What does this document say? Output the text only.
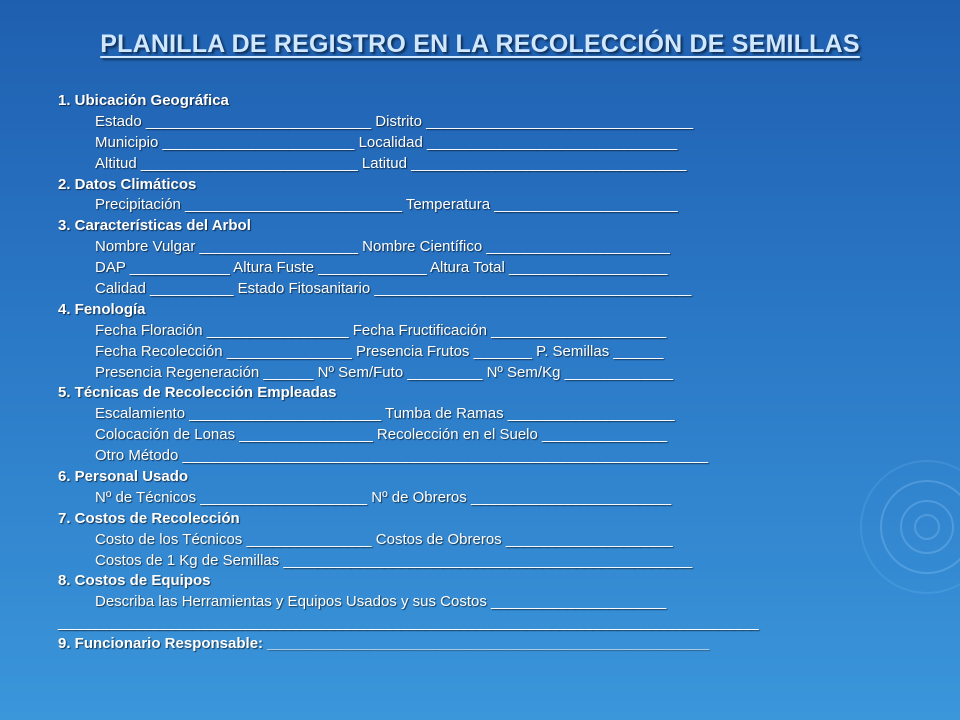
PLANILLA DE REGISTRO EN LA RECOLECCIÓN DE SEMILLAS
1. Ubicación Geográfica
Estado ___________________________ Distrito ________________________________
Municipio _______________________ Localidad ______________________________
Altitud __________________________ Latitud _________________________________
2. Datos Climáticos
Precipitación __________________________ Temperatura ______________________
3. Características del Arbol
Nombre Vulgar ___________________ Nombre Científico ______________________
DAP ____________ Altura Fuste _____________ Altura Total ___________________
Calidad __________ Estado Fitosanitario ______________________________________
4. Fenología
Fecha Floración _________________ Fecha Fructificación _____________________
Fecha Recolección _______________ Presencia Frutos _______ P. Semillas ______
Presencia Regeneración ______ Nº Sem/Futo _________ Nº Sem/Kg _____________
5. Técnicas de Recolección Empleadas
Escalamiento _______________________ Tumba de Ramas ____________________
Colocación de Lonas ________________ Recolección en el Suelo _______________
Otro Método _______________________________________________________________
6. Personal Usado
Nº de Técnicos ____________________ Nº de Obreros ________________________
7. Costos de Recolección
Costo de los Técnicos _______________ Costos de Obreros ____________________
Costos de 1 Kg de Semillas _________________________________________________
8. Costos de Equipos
Describa las Herramientas y Equipos Usados y sus Costos _____________________
____________________________________________________________________________________
9. Funcionario Responsable: _____________________________________________________
